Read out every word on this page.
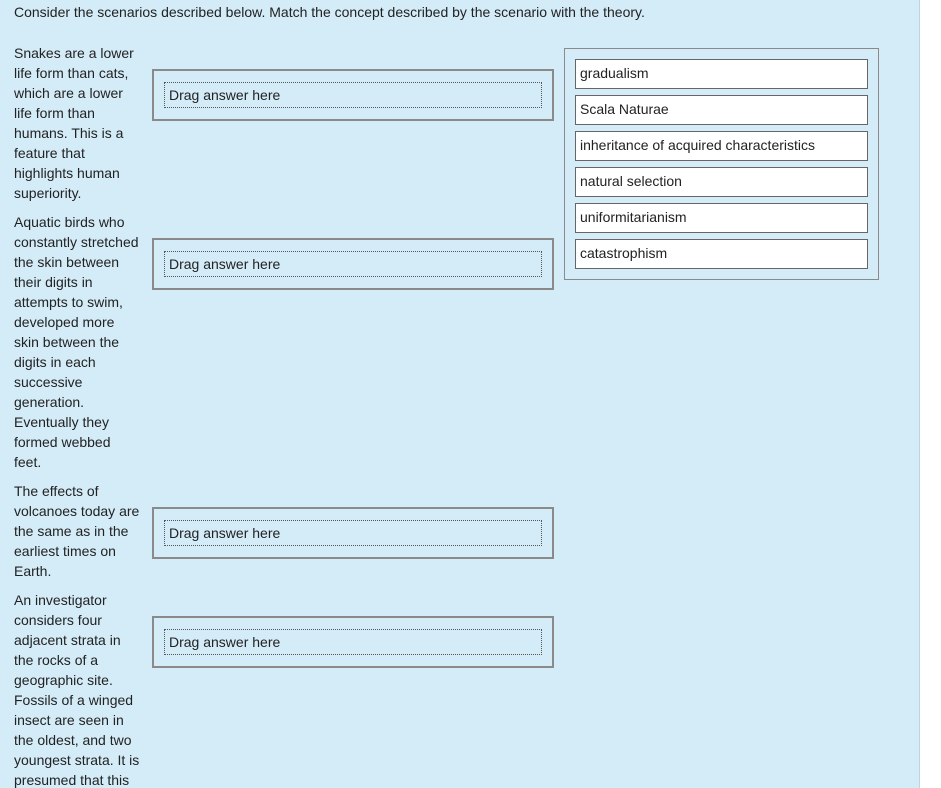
Consider the scenarios described below. Match the concept described by the scenario with the theory.
Snakes are a lower
life form than cats,
which are a lower
life form than
humans. This is a
feature that
highlights human
superiority.
Drag answer here
Aquatic birds who
constantly stretched
the skin between
their digits in
attempts to swim,
developed more
skin between the
digits in each
successive
generation.
Eventually they
formed webbed
feet.
Drag answer here
The effects of
volcanoes today are
the same as in the
earliest times on
Earth.
Drag answer here
An investigator
considers four
adjacent strata in
the rocks of a
geographic site.
Fossils of a winged
insect are seen in
the oldest, and two
youngest strata. It is
presumed that this
Drag answer here
gradualism
Scala Naturae
inheritance of acquired characteristics
natural selection
uniformitarianism
catastrophism
